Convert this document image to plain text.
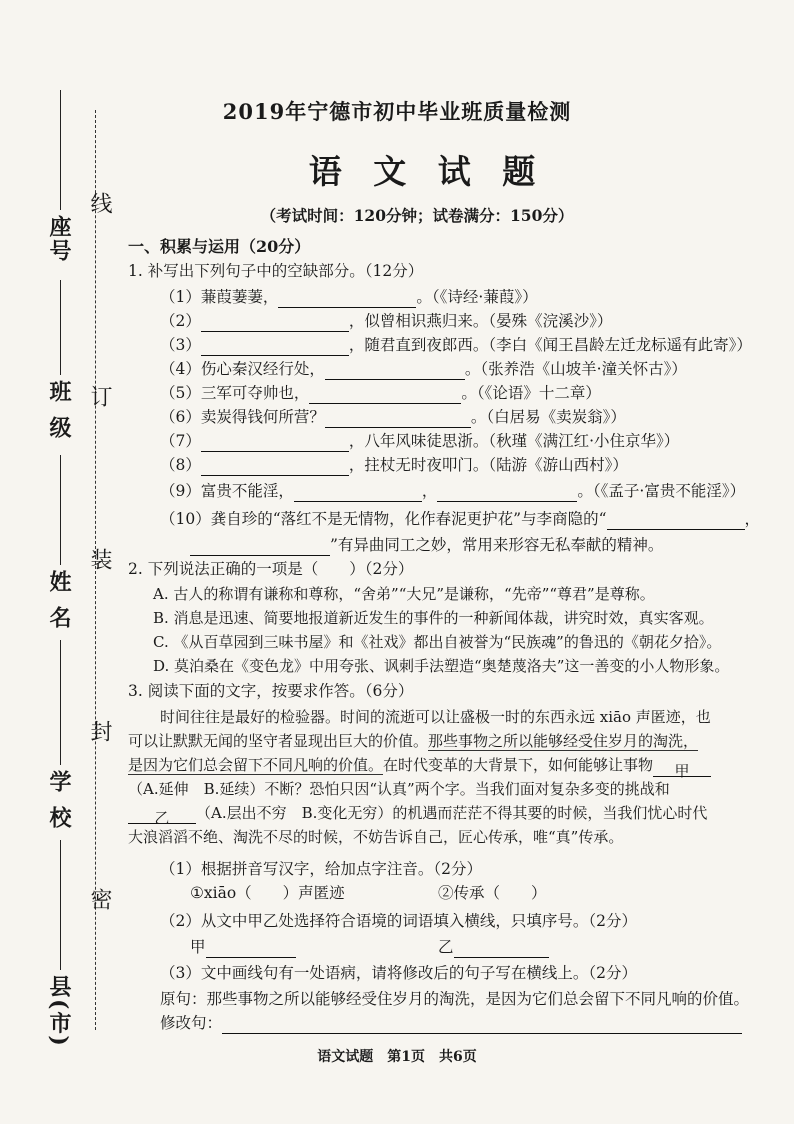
座号
线
班级 订
姓名
装
学校
封
密
县(市)
2019年宁德市初中毕业班质量检测
语 文 试 题
（考试时间：120分钟；试卷满分：150分）
一、积累与运用（20分）
1. 补写出下列句子中的空缺部分。（12分）
（1）蒹葭萋萋，	。（《诗经·蒹葭》）
（2）	，似曾相识燕归来。（晏殊《浣溪沙》）
（3）	，随君直到夜郎西。（李白《闻王昌龄左迁龙标遥有此寄》）
（4）伤心秦汉经行处，	。（张养浩《山坡羊·潼关怀古》）
（5）三军可夺帅也，	。（《论语》十二章）
（6）卖炭得钱何所营？	。（白居易《卖炭翁》）
（7）	，八年风味徒思浙。（秋瑾《满江红·小住京华》）
（8）	，拄杖无时夜叩门。（陆游《游山西村》）
（9）富贵不能淫，	，	。（《孟子·富贵不能淫》）
（10）龚自珍的“落红不是无情物，化作春泥更护花”与李商隐的“	，
”有异曲同工之妙，常用来形容无私奉献的精神。
2. 下列说法正确的一项是（　　）（2分）
A. 古人的称谓有谦称和尊称，“舍弟”“大兄”是谦称，“先帝”“尊君”是尊称。
B. 消息是迅速、简要地报道新近发生的事件的一种新闻体裁，讲究时效，真实客观。
C. 《从百草园到三味书屋》和《社戏》都出自被誉为“民族魂”的鲁迅的《朝花夕拾》。
D. 莫泊桑在《变色龙》中用夸张、讽刺手法塑造“奥楚蔑洛夫”这一善变的小人物形象。
3. 阅读下面的文字，按要求作答。（6分）
时间往往是最好的检验器。时间的流逝可以让盛极一时的东西永远 xiāo 声匿迹，也
可以让默默无闻的坚守者显现出巨大的价值。那些事物之所以能够经受住岁月的淘洗，
是因为它们总会留下不同凡响的价值。在时代变革的大背景下，如何能够让事物 甲
（A.延伸　B.延续）不断？恐怕只因“认真”两个字。当我们面对复杂多变的挑战和
乙 （A.层出不穷　B.变化无穷）的机遇而茫茫不得其要的时候，当我们忧心时代
大浪滔滔不绝、淘洗不尽的时候，不妨告诉自己，匠心传承，唯“真”传承。
（1）根据拼音写汉字，给加点字注音。（2分）
①xiāo（　　）声匿迹	②传承（　　）
（2）从文中甲乙处选择符合语境的词语填入横线，只填序号。（2分）
甲	乙
（3）文中画线句有一处语病，请将修改后的句子写在横线上。（2分）
原句：那些事物之所以能够经受住岁月的淘洗，是因为它们总会留下不同凡响的价值。
修改句：
语文试题　第1页　共6页
